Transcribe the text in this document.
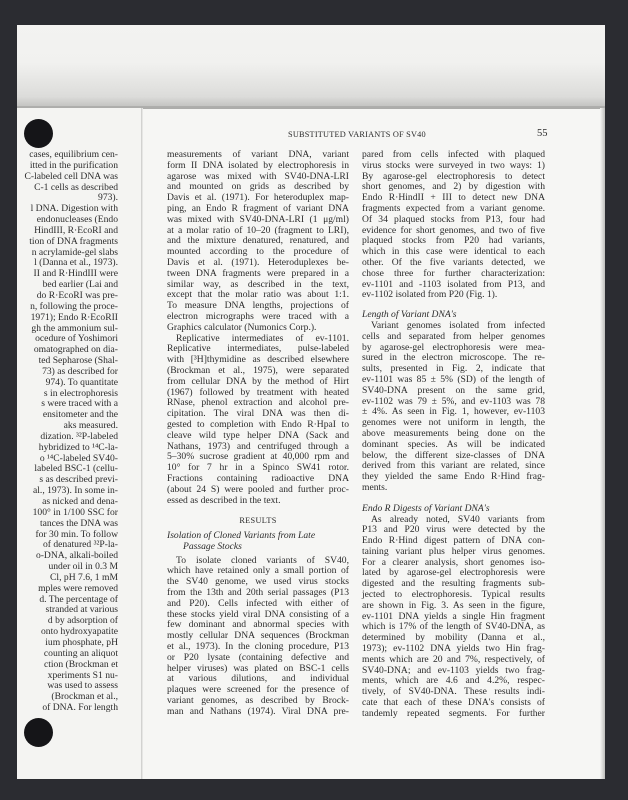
SUBSTITUTED VARIANTS OF SV40	55
cases, equilibrium cen-
itted in the purification
C-labeled cell DNA was
C-1 cells as described
973).
l DNA. Digestion with
endonucleases (Endo
HindIII, R·EcoRI and
tion of DNA fragments
n acrylamide-gel slabs
l (Danna et al., 1973).
II and R·HindIII were
bed earlier (Lai and
do R·EcoRI was pre-
n, following the proce-
1971); Endo R·EcoRII
gh the ammonium sul-
ocedure of Yoshimori
omatographed on dia-
ted Sepharose (Shal-
73) as described for
974). To quantitate
s in electrophoresis
s were traced with a
ensitometer and the
aks measured.
dization. ³²P-labeled
hybridized to ¹⁴C-la-
o ¹⁴C-labeled SV40-
labeled BSC-1 (cellu-
s as described previ-
al., 1973). In some in-
as nicked and dena-
100° in 1/100 SSC for
tances the DNA was
for 30 min. To follow
of denatured ³²P-la-
o-DNA, alkali-boiled
under oil in 0.3 M
Cl, pH 7.6, 1 mM
mples were removed
d. The percentage of
stranded at various
d by adsorption of
onto hydroxyapatite
ium phosphate, pH
counting an aliquot
ction (Brockman et
xperiments S1 nu-
was used to assess
(Brockman et al.,
of DNA. For length
measurements of variant DNA, variant
form II DNA isolated by electrophoresis in
agarose was mixed with SV40-DNA-LRI
and mounted on grids as described by
Davis et al. (1971). For heteroduplex map-
ping, an Endo R fragment of variant DNA
was mixed with SV40-DNA-LRI (1 μg/ml)
at a molar ratio of 10–20 (fragment to LRI),
and the mixture denatured, renatured, and
mounted according to the procedure of
Davis et al. (1971). Heteroduplexes be-
tween DNA fragments were prepared in a
similar way, as described in the text,
except that the molar ratio was about 1:1.
To measure DNA lengths, projections of
electron micrographs were traced with a
Graphics calculator (Numonics Corp.).
Replicative intermediates of ev-1101.
Replicative intermediates, pulse-labeled
with [³H]thymidine as described elsewhere
(Brockman et al., 1975), were separated
from cellular DNA by the method of Hirt
(1967) followed by treatment with heated
RNase, phenol extraction and alcohol pre-
cipitation. The viral DNA was then di-
gested to completion with Endo R·HpaI to
cleave wild type helper DNA (Sack and
Nathans, 1973) and centrifuged through a
5–30% sucrose gradient at 40,000 rpm and
10° for 7 hr in a Spinco SW41 rotor.
Fractions containing radioactive DNA
(about 24 S) were pooled and further proc-
essed as described in the text.
RESULTS
Isolation of Cloned Variants from Late
Passage Stocks
To isolate cloned variants of SV40,
which have retained only a small portion of
the SV40 genome, we used virus stocks
from the 13th and 20th serial passages (P13
and P20). Cells infected with either of
these stocks yield viral DNA consisting of a
few dominant and abnormal species with
mostly cellular DNA sequences (Brockman
et al., 1973). In the cloning procedure, P13
or P20 lysate (containing defective and
helper viruses) was plated on BSC-1 cells
at various dilutions, and individual
plaques were screened for the presence of
variant genomes, as described by Brock-
man and Nathans (1974). Viral DNA pre-
pared from cells infected with plaqued
virus stocks were surveyed in two ways: 1)
By agarose-gel electrophoresis to detect
short genomes, and 2) by digestion with
Endo R·HindII + III to detect new DNA
fragments expected from a variant genome.
Of 34 plaqued stocks from P13, four had
evidence for short genomes, and two of five
plaqued stocks from P20 had variants,
which in this case were identical to each
other. Of the five variants detected, we
chose three for further characterization:
ev-1101 and -1103 isolated from P13, and
ev-1102 isolated from P20 (Fig. 1).
Length of Variant DNA's
Variant genomes isolated from infected
cells and separated from helper genomes
by agarose-gel electrophoresis were mea-
sured in the electron microscope. The re-
sults, presented in Fig. 2, indicate that
ev-1101 was 85 ± 5% (SD) of the length of
SV40-DNA present on the same grid,
ev-1102 was 79 ± 5%, and ev-1103 was 78
± 4%. As seen in Fig. 1, however, ev-1103
genomes were not uniform in length, the
above measurements being done on the
dominant species. As will be indicated
below, the different size-classes of DNA
derived from this variant are related, since
they yielded the same Endo R·Hind frag-
ments.
Endo R Digests of Variant DNA's
As already noted, SV40 variants from
P13 and P20 virus were detected by the
Endo R·Hind digest pattern of DNA con-
taining variant plus helper virus genomes.
For a clearer analysis, short genomes iso-
lated by agarose-gel electrophoresis were
digested and the resulting fragments sub-
jected to electrophoresis. Typical results
are shown in Fig. 3. As seen in the figure,
ev-1101 DNA yields a single Hin fragment
which is 17% of the length of SV40-DNA, as
determined by mobility (Danna et al.,
1973); ev-1102 DNA yields two Hin frag-
ments which are 20 and 7%, respectively, of
SV40-DNA; and ev-1103 yields two frag-
ments, which are 4.6 and 4.2%, respec-
tively, of SV40-DNA. These results indi-
cate that each of these DNA's consists of
tandemly repeated segments. For further
